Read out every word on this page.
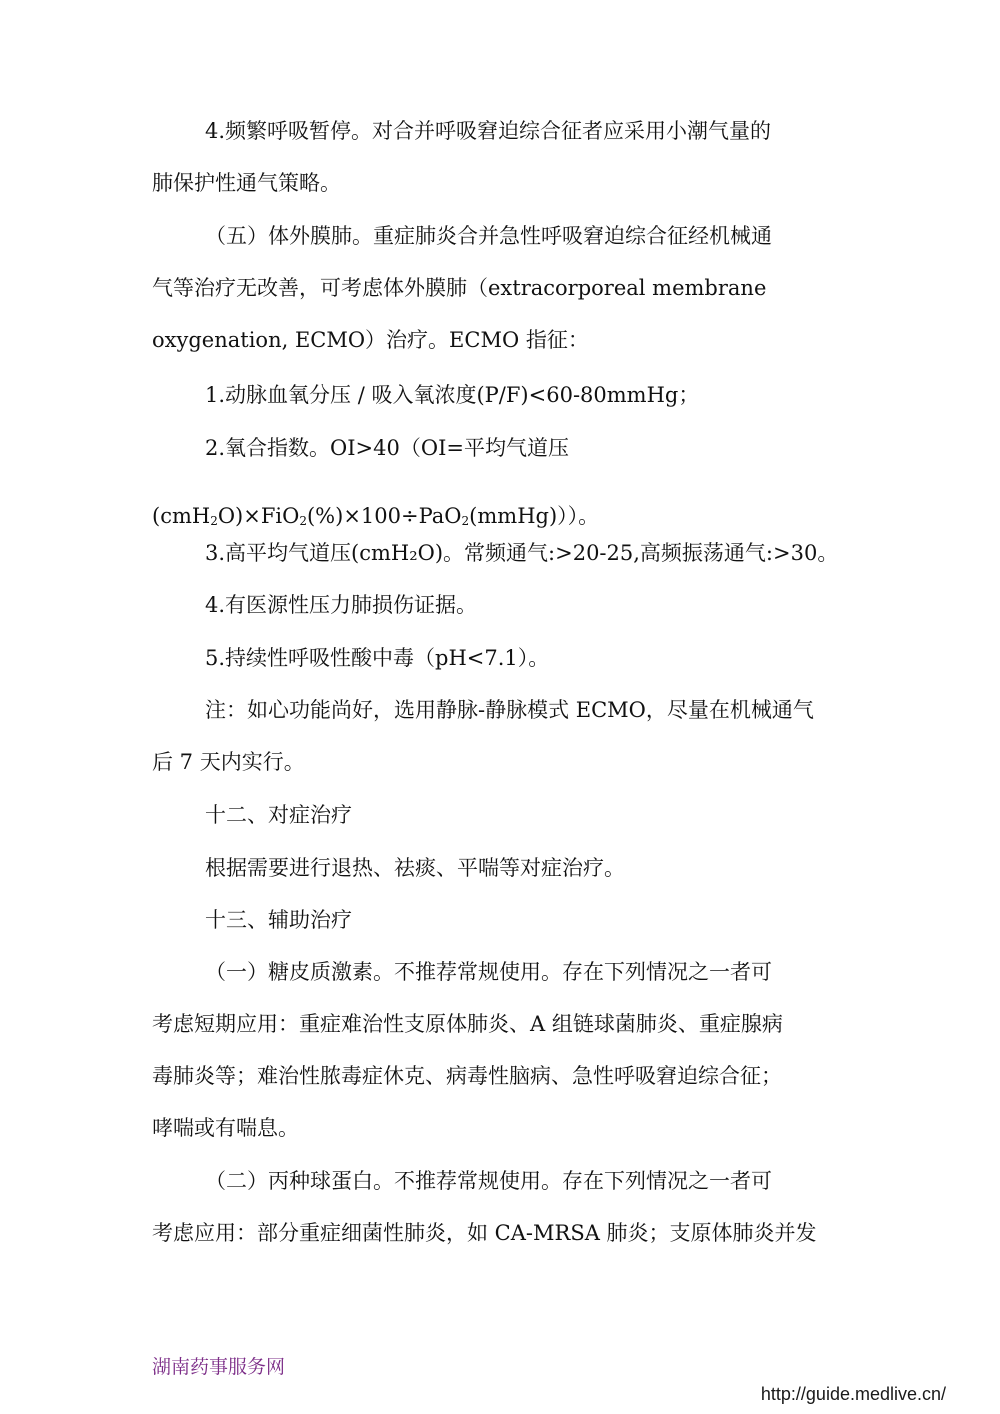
4.频繁呼吸暂停。对合并呼吸窘迫综合征者应采用小潮气量的
肺保护性通气策略。
（五）体外膜肺。重症肺炎合并急性呼吸窘迫综合征经机械通
气等治疗无改善，可考虑体外膜肺（extracorporeal membrane
oxygenation, ECMO）治疗。ECMO 指征：
1.动脉血氧分压 / 吸入氧浓度(P/F)<60-80mmHg；
2.氧合指数。OI>40（OI=平均气道压
3.高平均气道压(cmH₂O)。常频通气:>20-25,高频振荡通气:>30。
4.有医源性压力肺损伤证据。
5.持续性呼吸性酸中毒（pH<7.1）。
注：如心功能尚好，选用静脉-静脉模式 ECMO，尽量在机械通气
后 7 天内实行。
十二、对症治疗
根据需要进行退热、祛痰、平喘等对症治疗。
十三、辅助治疗
（一）糖皮质激素。不推荐常规使用。存在下列情况之一者可
考虑短期应用：重症难治性支原体肺炎、A 组链球菌肺炎、重症腺病
毒肺炎等；难治性脓毒症休克、病毒性脑病、急性呼吸窘迫综合征；
哮喘或有喘息。
（二）丙种球蛋白。不推荐常规使用。存在下列情况之一者可
考虑应用：部分重症细菌性肺炎，如 CA-MRSA 肺炎；支原体肺炎并发
(cmH$_2$O)×FiO$_2$(%)×100÷PaO$_2$(mmHg)））。
湖南药事服务网
http://guide.medlive.cn/
